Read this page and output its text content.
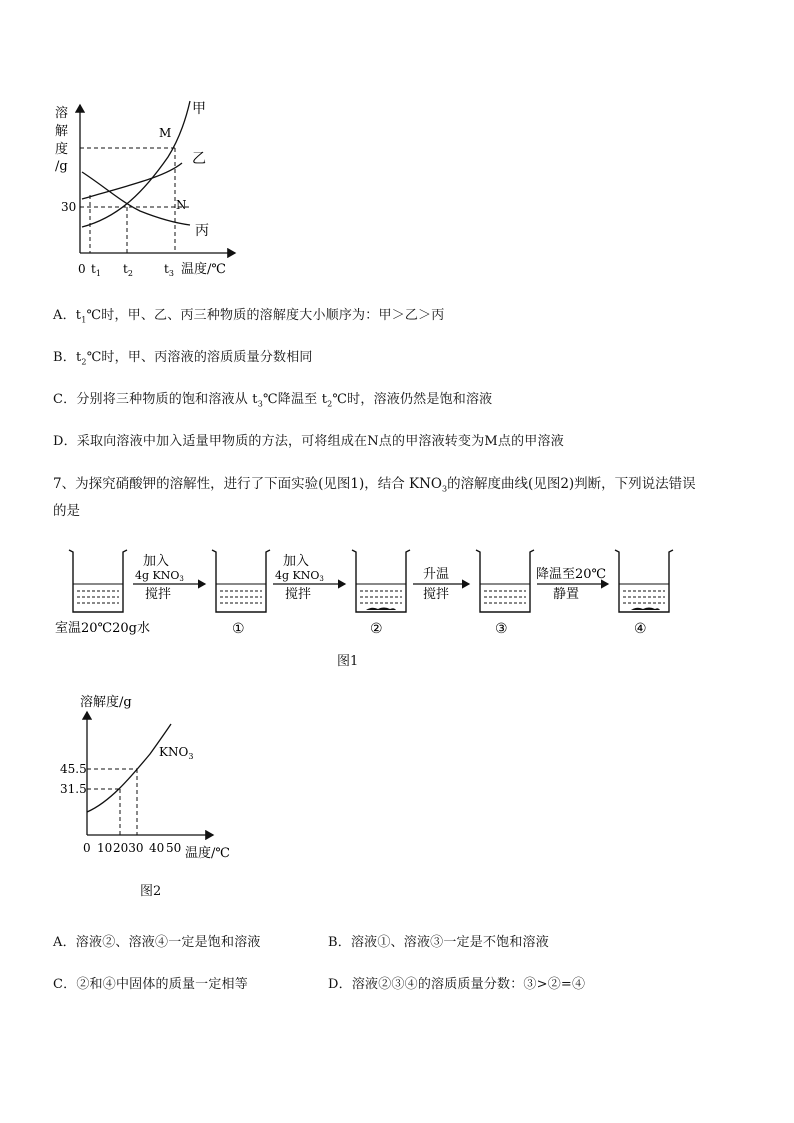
溶
解
度
/g
30
0 $t_1$ $t_2$	$t_3$ 温度/℃
甲
乙
丙
M
N
A．$t_1℃$时，甲、乙、丙三种物质的溶解度大小顺序为：甲＞乙＞丙
B．$t_2℃$时，甲、丙溶液的溶质质量分数相同
C．分别将三种物质的饱和溶液从 $t_3℃$降温至 $t_2℃$时，溶液仍然是饱和溶液
D．采取向溶液中加入适量甲物质的方法，可将组成在N点的甲溶液转变为M点的甲溶液
7、为探究硝酸钾的溶解性，进行了下面实验(见图1)，结合 $KNO_3$的溶解度曲线(见图2)判断，下列说法错误
的是
加入
4g KNO3
搅拌
加入
4g KNO3
搅拌
升温
搅拌
降温至20℃
静置
室温20℃20g水	①	②	③	④
图1
溶解度/g
45.5
31.5
$KNO_3$
0 10 2030 40 50 温度/℃
图2
A．溶液②、溶液④一定是饱和溶液	B．溶液①、溶液③一定是不饱和溶液
C．②和④中固体的质量一定相等	D．溶液②③④的溶质质量分数：③>②=④
